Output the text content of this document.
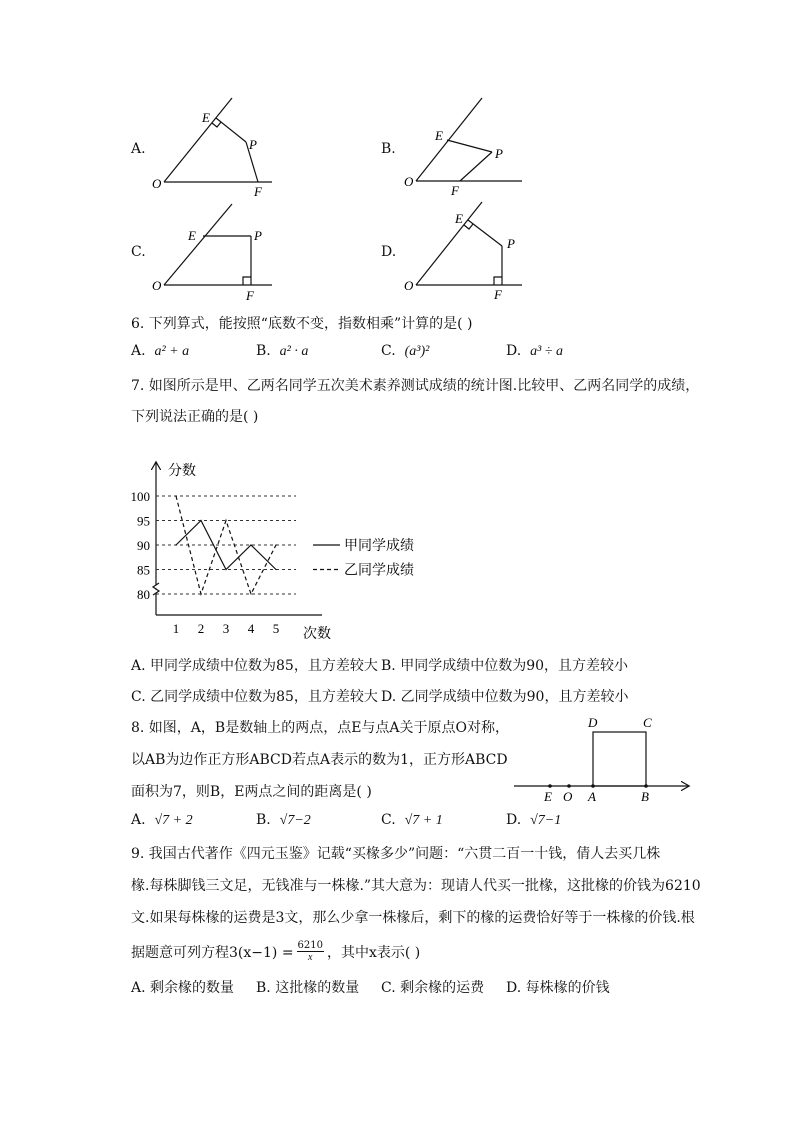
A.
O
E
P
F
B.
O
E
P
F
C.
O
E	P
F
D.
O
E
P
F
6. 下列算式，能按照“底数不变，指数相乘”计算的是( )
A. a² + a	B. a² · a	C. (a³)²	D. a³ ÷ a
7. 如图所示是甲、乙两名同学五次美术素养测试成绩的统计图.比较甲、乙两名同学的成绩，
下列说法正确的是( )
分数
次数
80
85
90
95
100
1 2 3 4 5
甲同学成绩
乙同学成绩
A. 甲同学成绩中位数为85，且方差较大 B. 甲同学成绩中位数为90，且方差较小
C. 乙同学成绩中位数为85，且方差较大 D. 乙同学成绩中位数为90，且方差较小
8. 如图，A，B是数轴上的两点，点E与点A关于原点O对称，
以AB为边作正方形ABCD若点A表示的数为1，正方形ABCD
面积为7，则B，E两点之间的距离是( )
D	C
E O A	B
A. √7 + 2	B. √7−2	C. √7 + 1	D. √7−1
9. 我国古代著作《四元玉鉴》记载“买椽多少”问题：“六贯二百一十钱，倩人去买几株
椽.每株脚钱三文足，无钱准与一株椽.”其大意为：现请人代买一批椽，这批椽的价钱为6210
文.如果每株椽的运费是3文，那么少拿一株椽后，剩下的椽的运费恰好等于一株椽的价钱.根
据题意可列方程$3(x-1) = \frac{6210}{x}$ ，其中x表示( )
A. 剩余椽的数量 B. 这批椽的数量 C. 剩余椽的运费 D. 每株椽的价钱
